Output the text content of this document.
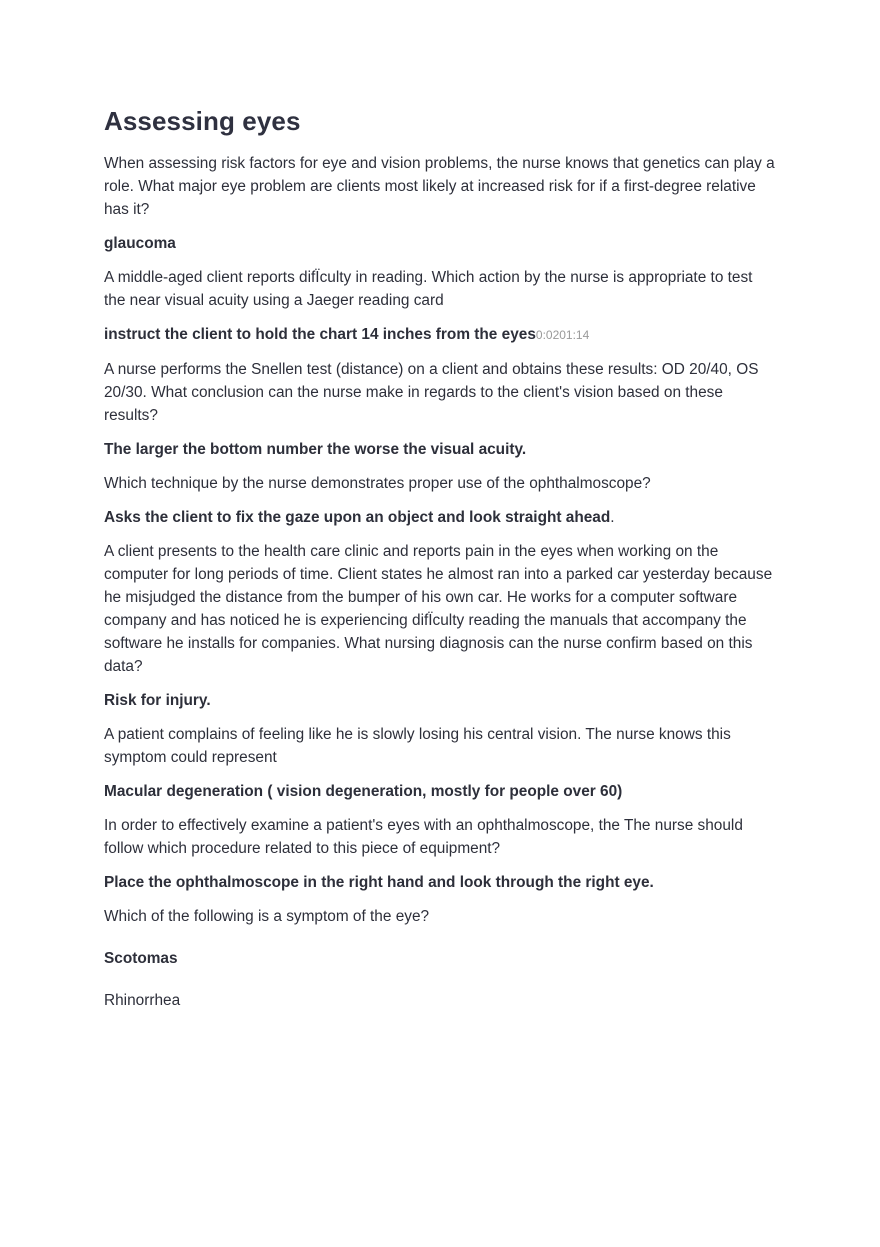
Assessing eyes

When assessing risk factors for eye and vision problems, the nurse knows that genetics can play a role. What major eye problem are clients most likely at increased risk for if a first-degree relative has it?

glaucoma

A middle-aged client reports difÏculty in reading. Which action by the nurse is appropriate to test the near visual acuity using a Jaeger reading card

instruct the client to hold the chart 14 inches from the eyes0:0201:14

A nurse performs the Snellen test (distance) on a client and obtains these results: OD 20/40, OS 20/30. What conclusion can the nurse make in regards to the client's vision based on these results?

The larger the bottom number the worse the visual acuity.

Which technique by the nurse demonstrates proper use of the ophthalmoscope?

Asks the client to fix the gaze upon an object and look straight ahead.

A client presents to the health care clinic and reports pain in the eyes when working on the computer for long periods of time. Client states he almost ran into a parked car yesterday because he misjudged the distance from the bumper of his own car. He works for a computer software company and has noticed he is experiencing difÏculty reading the manuals that accompany the software he installs for companies. What nursing diagnosis can the nurse confirm based on this data?

Risk for injury.

A patient complains of feeling like he is slowly losing his central vision. The nurse knows this symptom could represent

Macular degeneration ( vision degeneration, mostly for people over 60)

In order to effectively examine a patient's eyes with an ophthalmoscope, the The nurse should follow which procedure related to this piece of equipment?

Place the ophthalmoscope in the right hand and look through the right eye.

Which of the following is a symptom of the eye?

Scotomas

Rhinorrhea
